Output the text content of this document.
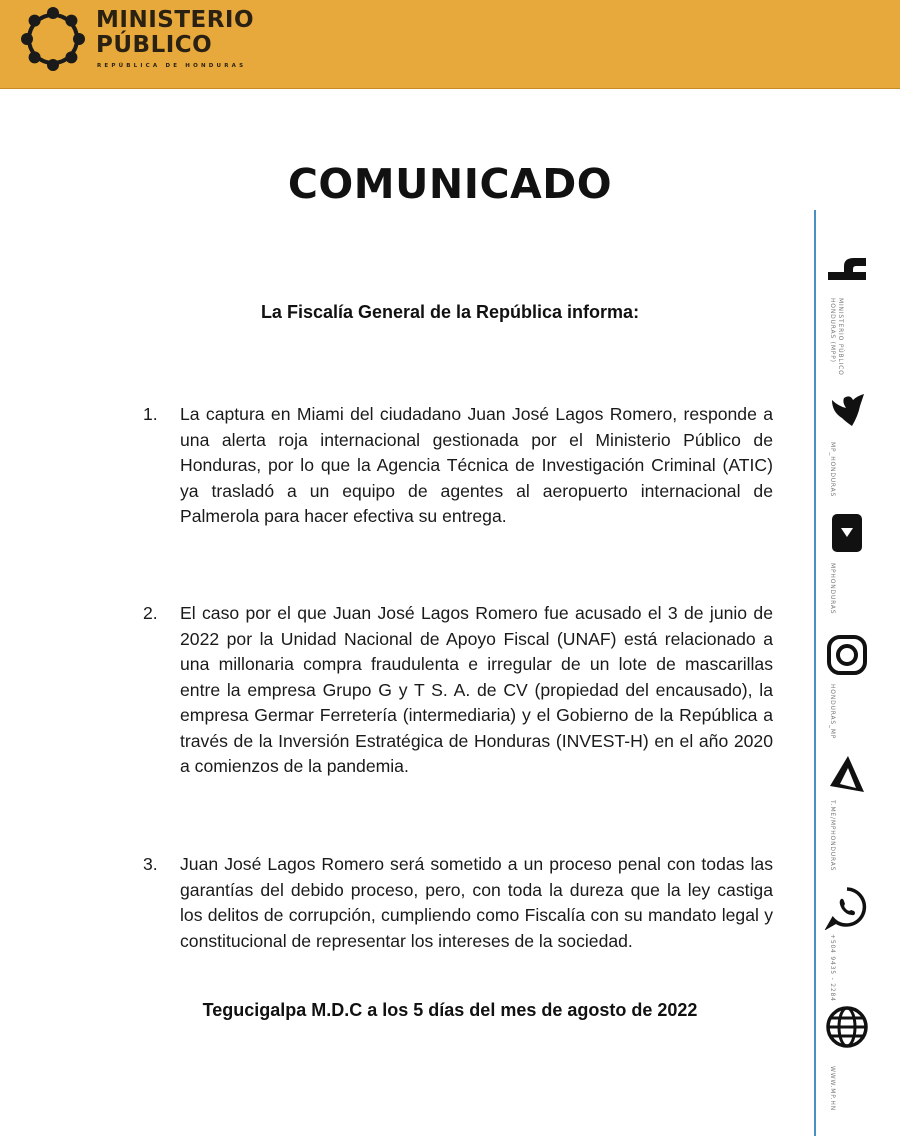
MINISTERIO
PÚBLICO
REPÚBLICA DE HONDURAS
COMUNICADO
La Fiscalía General de la República informa:
1.	La captura en Miami del ciudadano Juan José Lagos Romero, responde a una alerta roja internacional gestionada por el Ministerio Público de Honduras, por lo que la Agencia Técnica de Investigación Criminal (ATIC) ya trasladó a un equipo de agentes al aeropuerto internacional de Palmerola para hacer efectiva su entrega.
2.	El caso por el que Juan José Lagos Romero fue acusado el 3 de junio de 2022 por la Unidad Nacional de Apoyo Fiscal (UNAF) está relacionado a una millonaria compra fraudulenta e irregular de un lote de mascarillas entre la empresa Grupo G y T S. A. de CV (propiedad del encausado), la empresa Germar Ferretería (intermediaria) y el Gobierno de la República a través de la Inversión Estratégica de Honduras (INVEST-H) en el año 2020 a comienzos de la pandemia.
3.	Juan José Lagos Romero será sometido a un proceso penal con todas las garantías del debido proceso, pero, con toda la dureza que la ley castiga los delitos de corrupción, cumpliendo como Fiscalía con su mandato legal y constitucional de representar los intereses de la sociedad.
Tegucigalpa M.D.C a los 5 días del mes de agosto de 2022
MINISTERIO PÚBLICO
HONDURAS (MPP)
MP_HONDURAS
MPHONDURAS
HONDURAS_MP
T.ME/MPHONDURAS
+504 9435 - 2284
WWW.MP.HN
